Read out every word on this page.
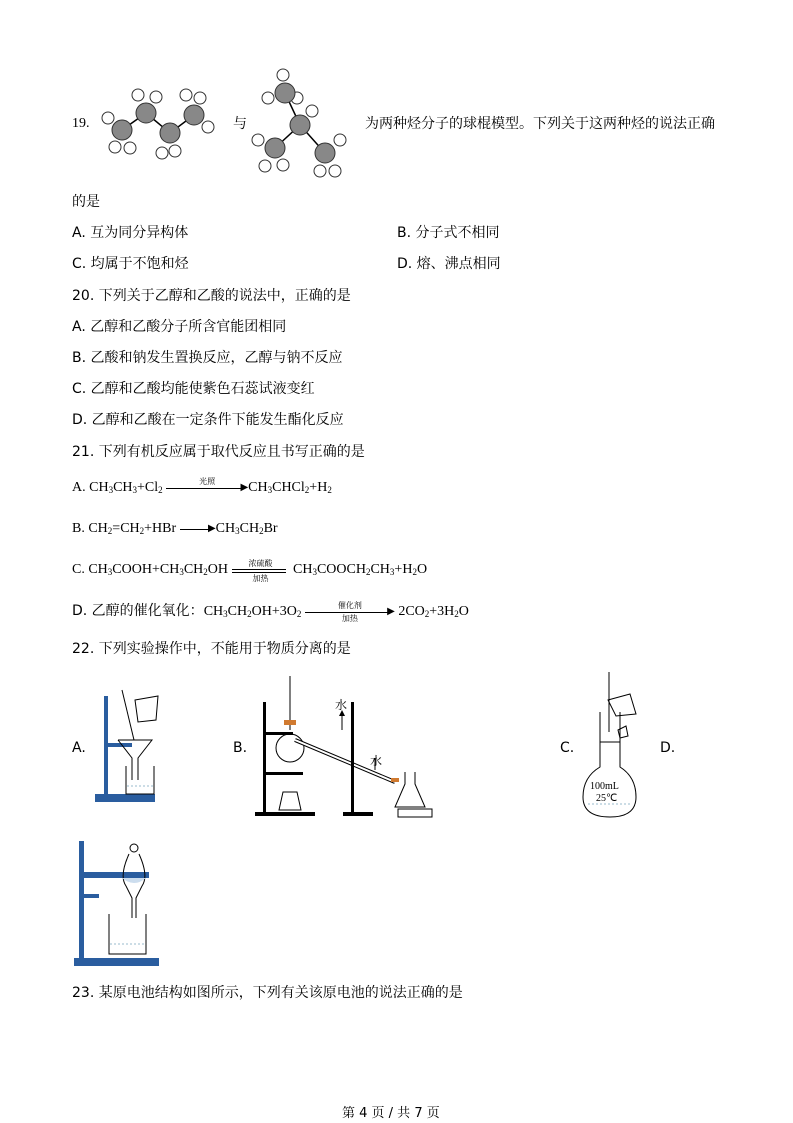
19.	与	为两种烃分子的球棍模型。下列关于这两种烃的说法正确
的是
A. 互为同分异构体	B. 分子式不相同
C. 均属于不饱和烃	D. 熔、沸点相同
20. 下列关于乙醇和乙酸的说法中，正确的是
A. 乙醇和乙酸分子所含官能团相同
B. 乙酸和钠发生置换反应，乙醇与钠不反应
C. 乙醇和乙酸均能使紫色石蕊试液变红
D. 乙醇和乙酸在一定条件下能发生酯化反应
21. 下列有机反应属于取代反应且书写正确的是
A. $CH_3CH_3+Cl_2$
光照
▶ $CH_3CHCl_2+H_2$
B. $CH_2=CH_2+HBr$	▶ $CH_3CH_2Br$
C. $CH_3COOH+CH_3CH_2OH$	浓硫酸
加热
$CH_3COOCH_2CH_3+H_2O$
D. 乙醇的催化氧化：$CH_3CH_2OH+3O_2$
催化剂
▶
加热	$2CO_2+3H_2O$
22. 下列实验操作中，不能用于物质分离的是
A.	B.
水
水
C.
100mL
25℃
D.
23. 某原电池结构如图所示，下列有关该原电池的说法正确的是
第 4 页 / 共 7 页
